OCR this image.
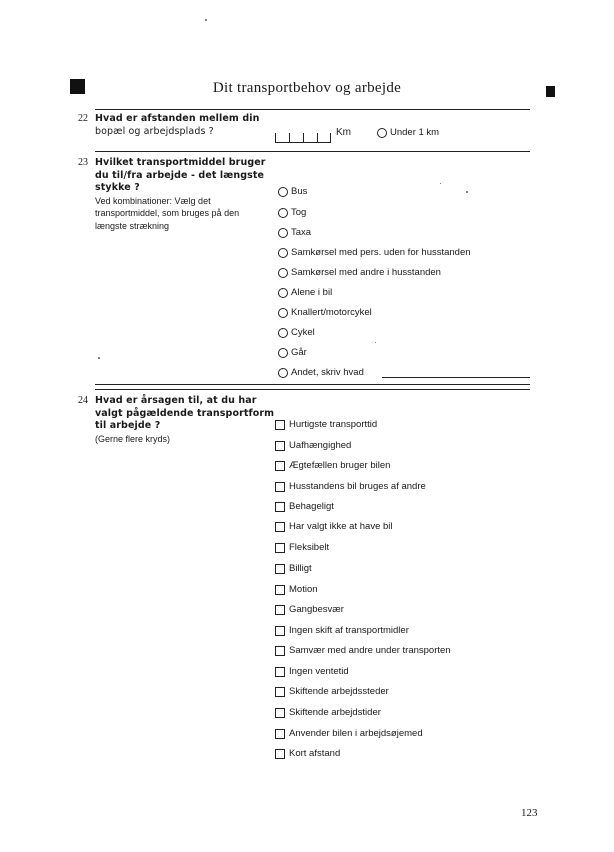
Dit transportbehov og arbejde
22 Hvad er afstanden mellem din
bopæl og arbejdsplads ?	Km	Under 1 km
23 Hvilket transportmiddel bruger
du til/fra arbejde - det længste
stykke ?
Ved kombinationer: Vælg det
transportmiddel, som bruges på den
længste strækning
Bus
Tog
Taxa
Samkørsel med pers. uden for husstanden
Samkørsel med andre i husstanden
Alene i bil
Knallert/motorcykel
Cykel
Går
Andet, skriv hvad
24 Hvad er årsagen til, at du har
valgt pågældende transportform
til arbejde ?
(Gerne flere kryds)
Hurtigste transporttid
Uafhængighed
Ægtefællen bruger bilen
Husstandens bil bruges af andre
Behageligt
Har valgt ikke at have bil
Fleksibelt
Billigt
Motion
Gangbesvær
Ingen skift af transportmidler
Samvær med andre under transporten
Ingen ventetid
Skiftende arbejdssteder
Skiftende arbejdstider
Anvender bilen i arbejdsøjemed
Kort afstand
123
